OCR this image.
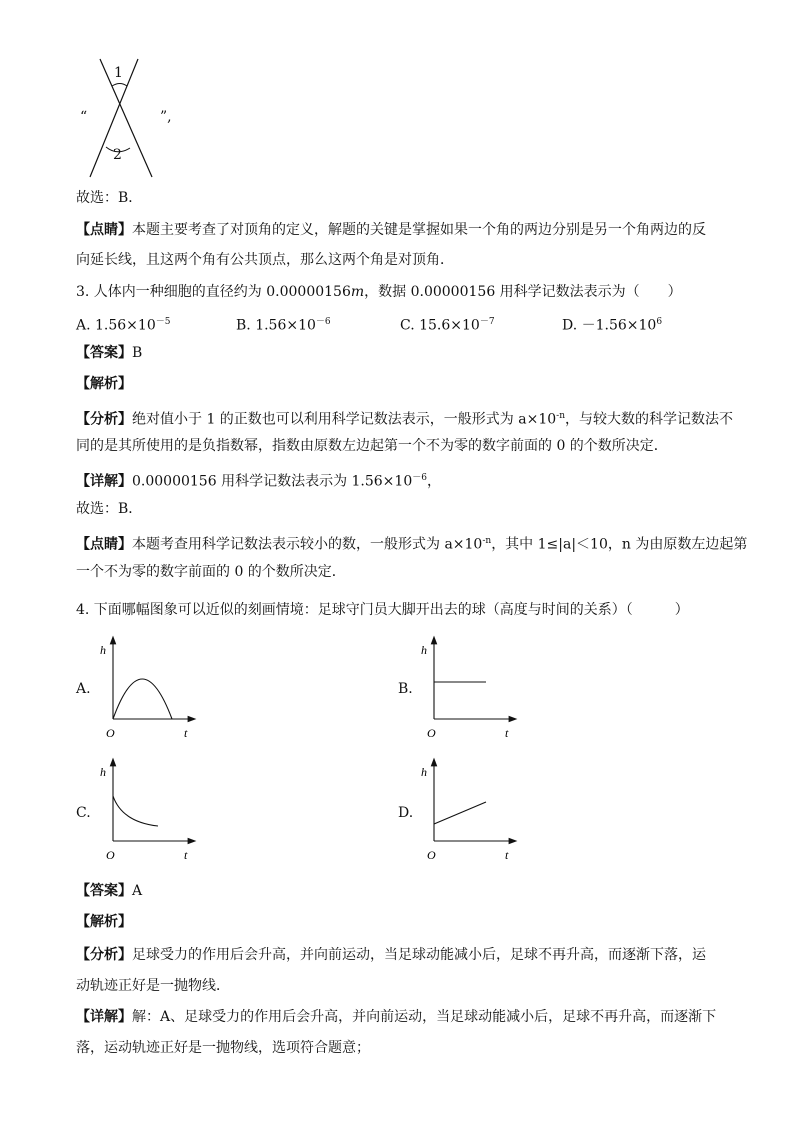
1
2
“	”,
故选：B．
【点睛】本题主要考查了对顶角的定义，解题的关键是掌握如果一个角的两边分别是另一个角两边的反
向延长线，且这两个角有公共顶点，那么这两个角是对顶角．
3. 人体内一种细胞的直径约为 0.00000156m，数据 0.00000156 用科学记数法表示为（　　）
A. $1.56\times 10^{-5}$	B. $1.56\times 10^{-6}$	C. $15.6\times 10^{-7}$	D. $-1.56\times 10^6$
【答案】B
【解析】
【分析】绝对值小于 1 的正数也可以利用科学记数法表示，一般形式为 $a\times 10^{-n}$，与较大数的科学记数法不
同的是其所使用的是负指数幂，指数由原数左边起第一个不为零的数字前面的 0 的个数所决定．
【详解】0.00000156 用科学记数法表示为 $1.56\times 10^{-6}$，
故选：B．
【点睛】本题考查用科学记数法表示较小的数，一般形式为 $a\times 10^{-n}$，其中 1≤|a|＜10，n 为由原数左边起第
一个不为零的数字前面的 0 的个数所决定．
4. 下面哪幅图象可以近似的刻画情境：足球守门员大脚开出去的球（高度与时间的关系）（　　　）
A.
h
O	t
B.
h
O	t
C.
h
O	t
D.
h
O	t
【答案】A
【解析】
【分析】足球受力的作用后会升高，并向前运动，当足球动能减小后，足球不再升高，而逐渐下落，运
动轨迹正好是一抛物线．
【详解】解：A、足球受力的作用后会升高，并向前运动，当足球动能减小后，足球不再升高，而逐渐下
落，运动轨迹正好是一抛物线，选项符合题意；
